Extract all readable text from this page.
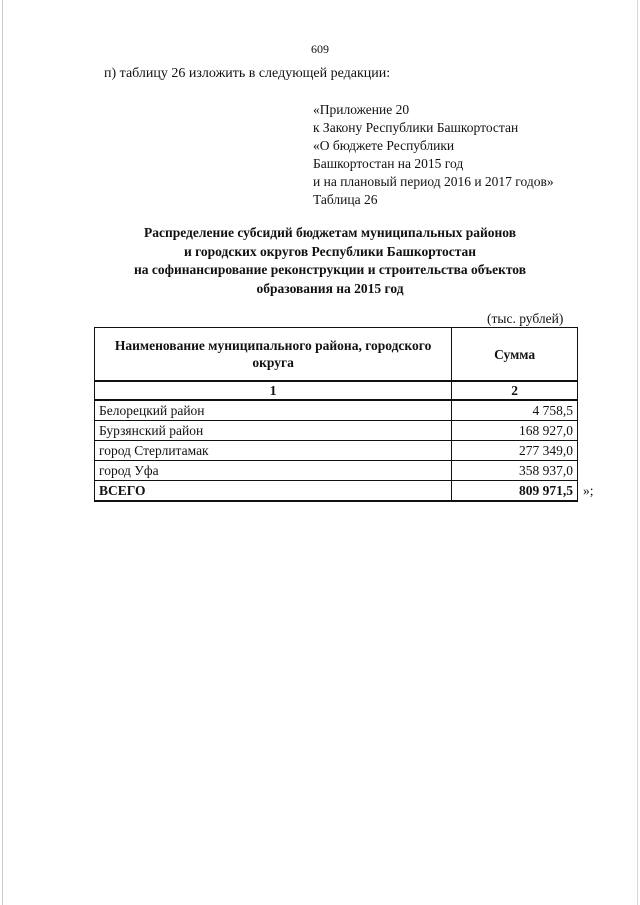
609
п) таблицу 26 изложить в следующей редакции:
«Приложение 20
к Закону Республики Башкортостан
«О бюджете Республики
Башкортостан на 2015 год
и на плановый период 2016 и 2017 годов»
Таблица 26
Распределение субсидий бюджетам муниципальных районов
и городских округов Республики Башкортостан
на софинансирование реконструкции и строительства объектов
образования на 2015 год
(тыс. рублей)
Наименование муниципального района, городского округа	Сумма
1	2
Белорецкий район	4 758,5
Бурзянский район	168 927,0
город Стерлитамак	277 349,0
город Уфа	358 937,0
ВСЕГО	809 971,5 »;
